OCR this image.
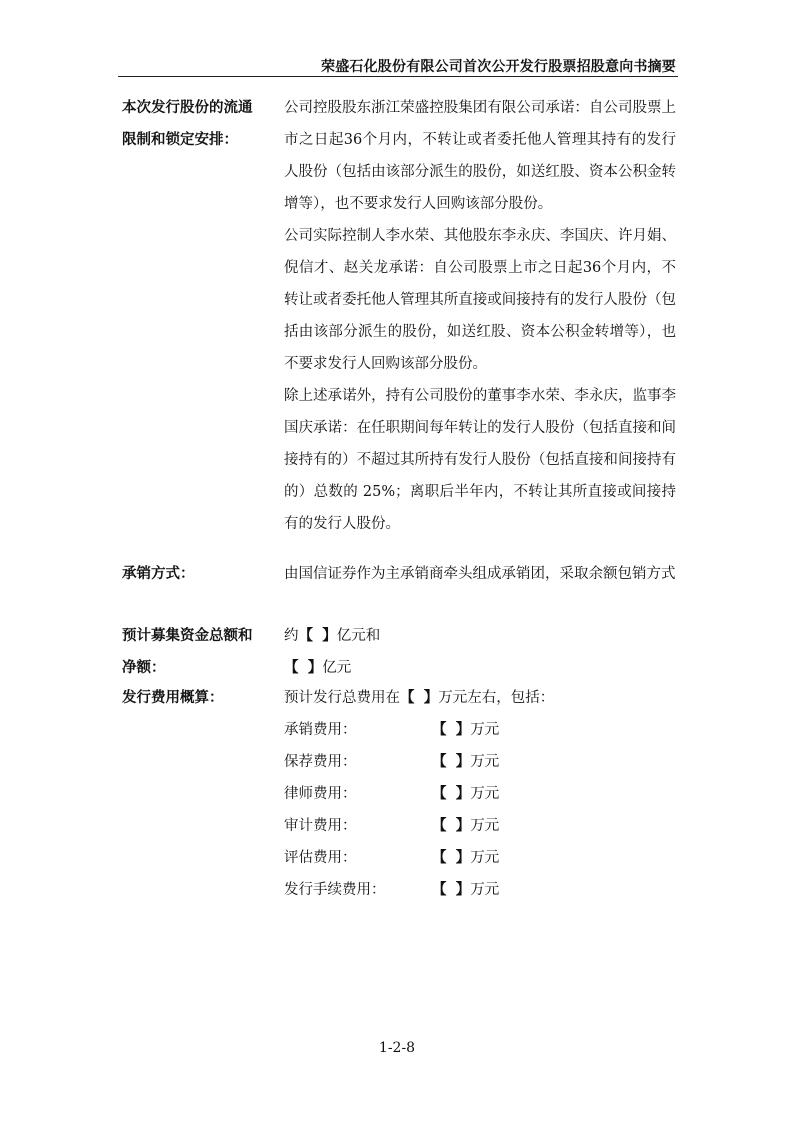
荣盛石化股份有限公司首次公开发行股票招股意向书摘要
本次发行股份的流通
限制和锁定安排：
公司控股股东浙江荣盛控股集团有限公司承诺：自公司股票上市之日起36个月内，不转让或者委托他人管理其持有的发行人股份（包括由该部分派生的股份，如送红股、资本公积金转增等），也不要求发行人回购该部分股份。
公司实际控制人李水荣、其他股东李永庆、李国庆、许月娟、倪信才、赵关龙承诺：自公司股票上市之日起36个月内，不转让或者委托他人管理其所直接或间接持有的发行人股份（包括由该部分派生的股份，如送红股、资本公积金转增等），也不要求发行人回购该部分股份。
除上述承诺外，持有公司股份的董事李水荣、李永庆，监事李国庆承诺：在任职期间每年转让的发行人股份（包括直接和间接持有的）不超过其所持有发行人股份（包括直接和间接持有的）总数的 25%；离职后半年内，不转让其所直接或间接持有的发行人股份。
承销方式：	由国信证券作为主承销商牵头组成承销团，采取余额包销方式
预计募集资金总额和
净额：
约【 】亿元和
【 】亿元
发行费用概算：	预计发行总费用在【 】万元左右，包括：
承销费用：	【 】万元
保荐费用：	【 】万元
律师费用：	【 】万元
审计费用：	【 】万元
评估费用：	【 】万元
发行手续费用：	【 】万元
1-2-8
